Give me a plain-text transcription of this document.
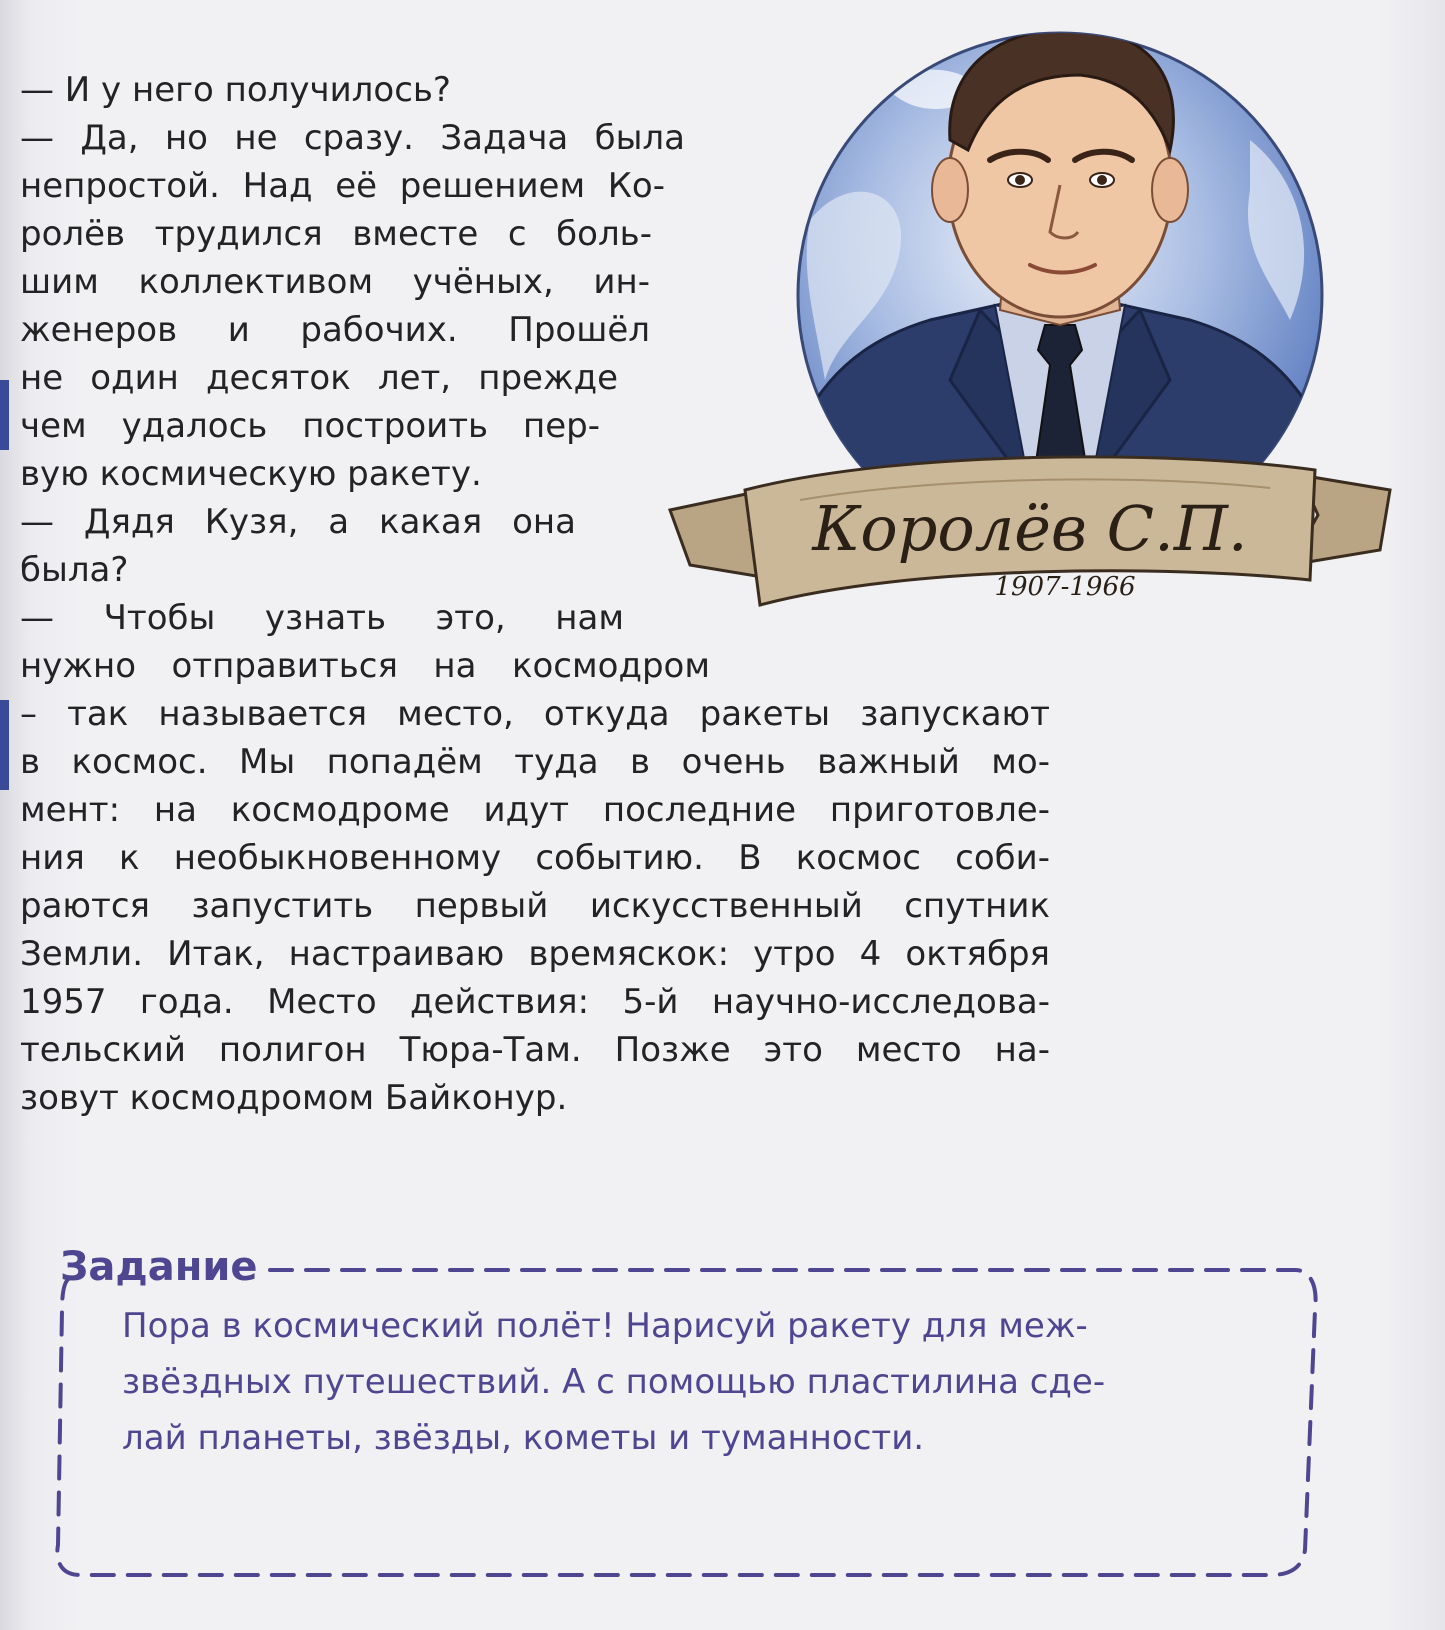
— И у него получилось?
— Да, но не сразу. Задача была
непростой. Над её решением Ко-
ролёв трудился вместе с боль-
шим коллективом учёных, ин-
женеров и рабочих. Прошёл
не один десяток лет, прежде
чем удалось построить пер-
вую космическую ракету.
— Дядя Кузя, а какая она
была?
— Чтобы узнать это, нам
нужно отправиться на космодром
– так называется место, откуда ракеты запускают
в космос. Мы попадём туда в очень важный мо-
мент: на космодроме идут последние приготовле-
ния к необыкновенному событию. В космос соби-
раются запустить первый искусственный спутник
Земли. Итак, настраиваю времяскок: утро 4 октября
1957 года. Место действия: 5-й научно-исследова-
тельский полигон Тюра-Там. Позже это место на-
зовут космодромом Байконур.
Королёв С.П.
1907-1966
Задание
Пора в космический полёт! Нарисуй ракету для меж-
звёздных путешествий. А с помощью пластилина сде-
лай планеты, звёзды, кометы и туманности.
